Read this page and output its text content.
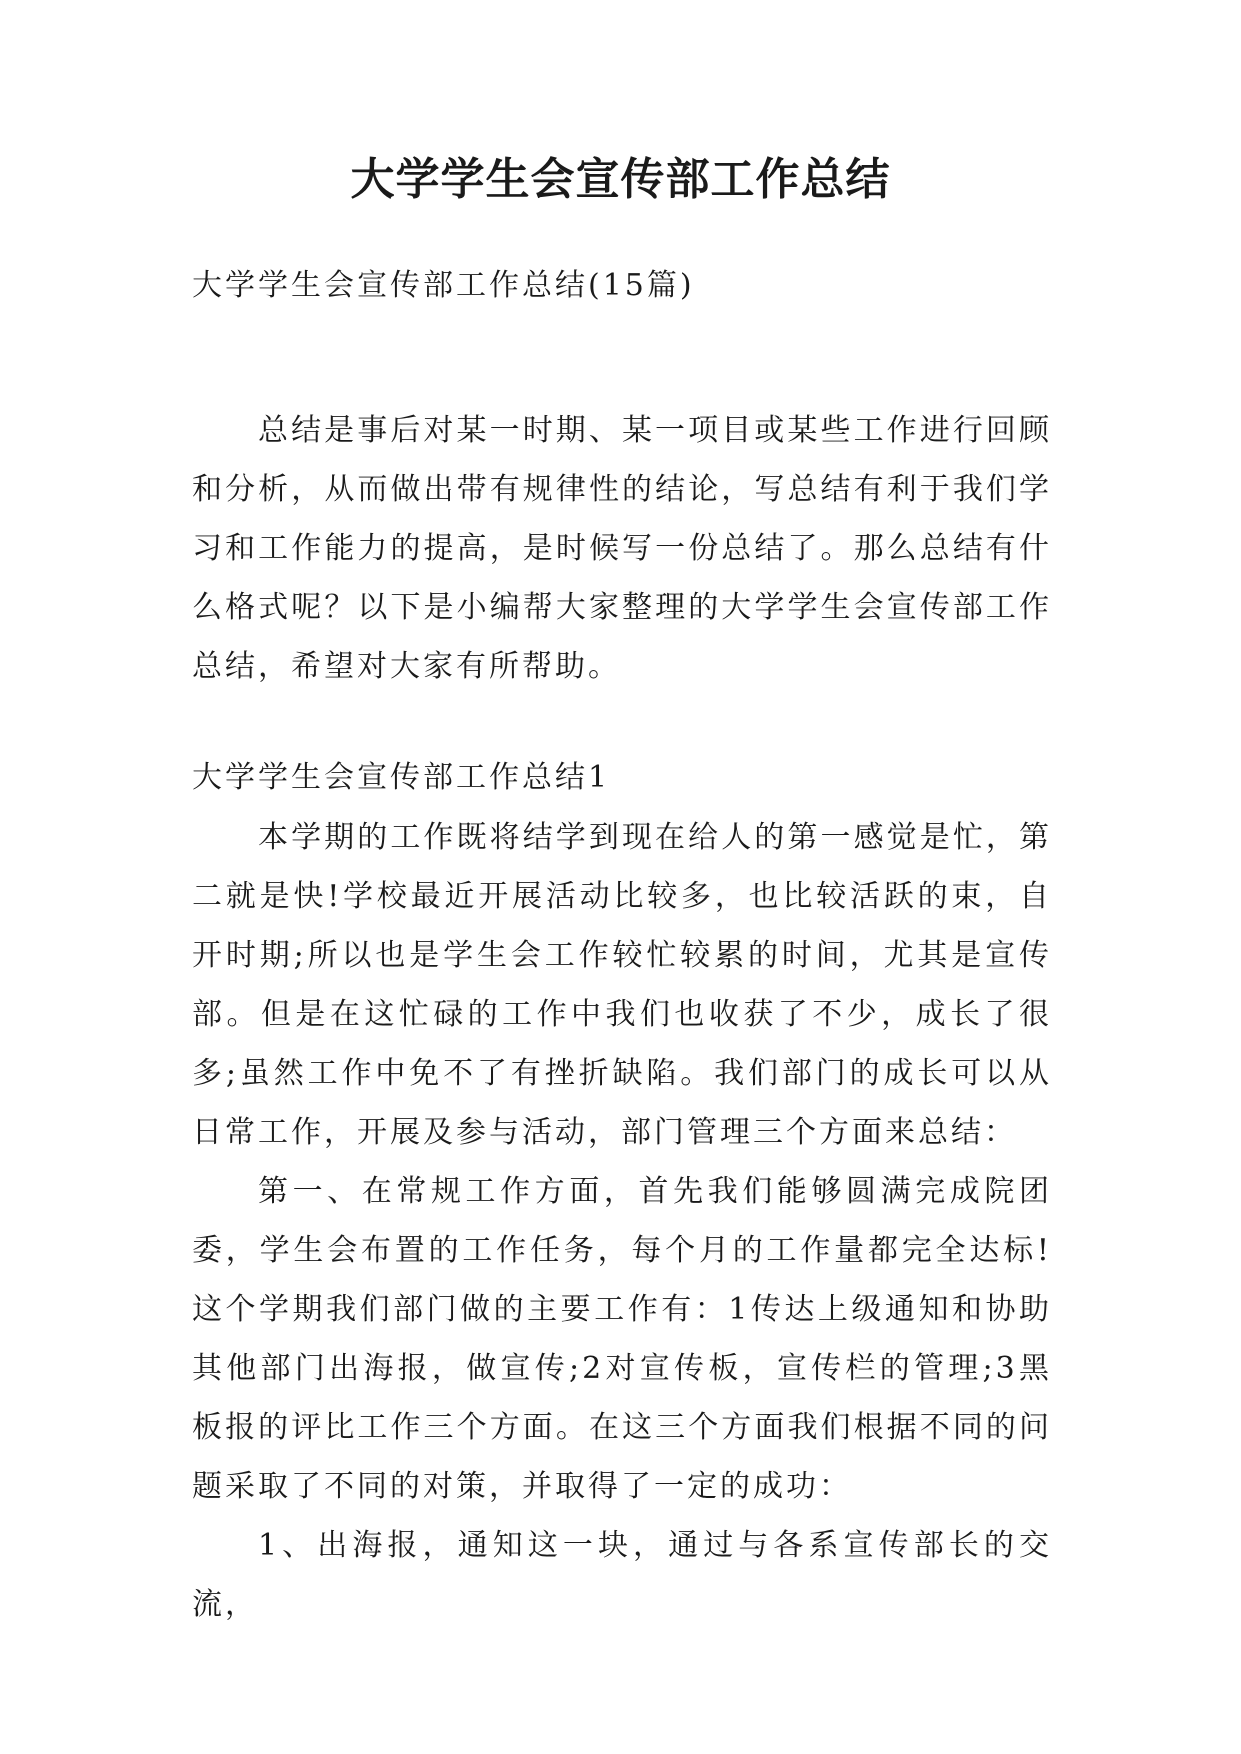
大学学生会宣传部工作总结

大学学生会宣传部工作总结(15篇)

总结是事后对某一时期、某一项目或某些工作进行回顾和分析，从而做出带有规律性的结论，写总结有利于我们学习和工作能力的提高，是时候写一份总结了。那么总结有什么格式呢？以下是小编帮大家整理的大学学生会宣传部工作总结，希望对大家有所帮助。

大学学生会宣传部工作总结1

本学期的工作既将结学到现在给人的第一感觉是忙，第二就是快!学校最近开展活动比较多，也比较活跃的束，自开时期;所以也是学生会工作较忙较累的时间，尤其是宣传部。但是在这忙碌的工作中我们也收获了不少，成长了很多;虽然工作中免不了有挫折缺陷。我们部门的成长可以从日常工作，开展及参与活动，部门管理三个方面来总结：

第一、在常规工作方面，首先我们能够圆满完成院团委，学生会布置的工作任务，每个月的工作量都完全达标!这个学期我们部门做的主要工作有：1传达上级通知和协助其他部门出海报，做宣传;2对宣传板，宣传栏的管理;3黑板报的评比工作三个方面。在这三个方面我们根据不同的问题采取了不同的对策，并取得了一定的成功：

1、出海报，通知这一块，通过与各系宣传部长的交流，
